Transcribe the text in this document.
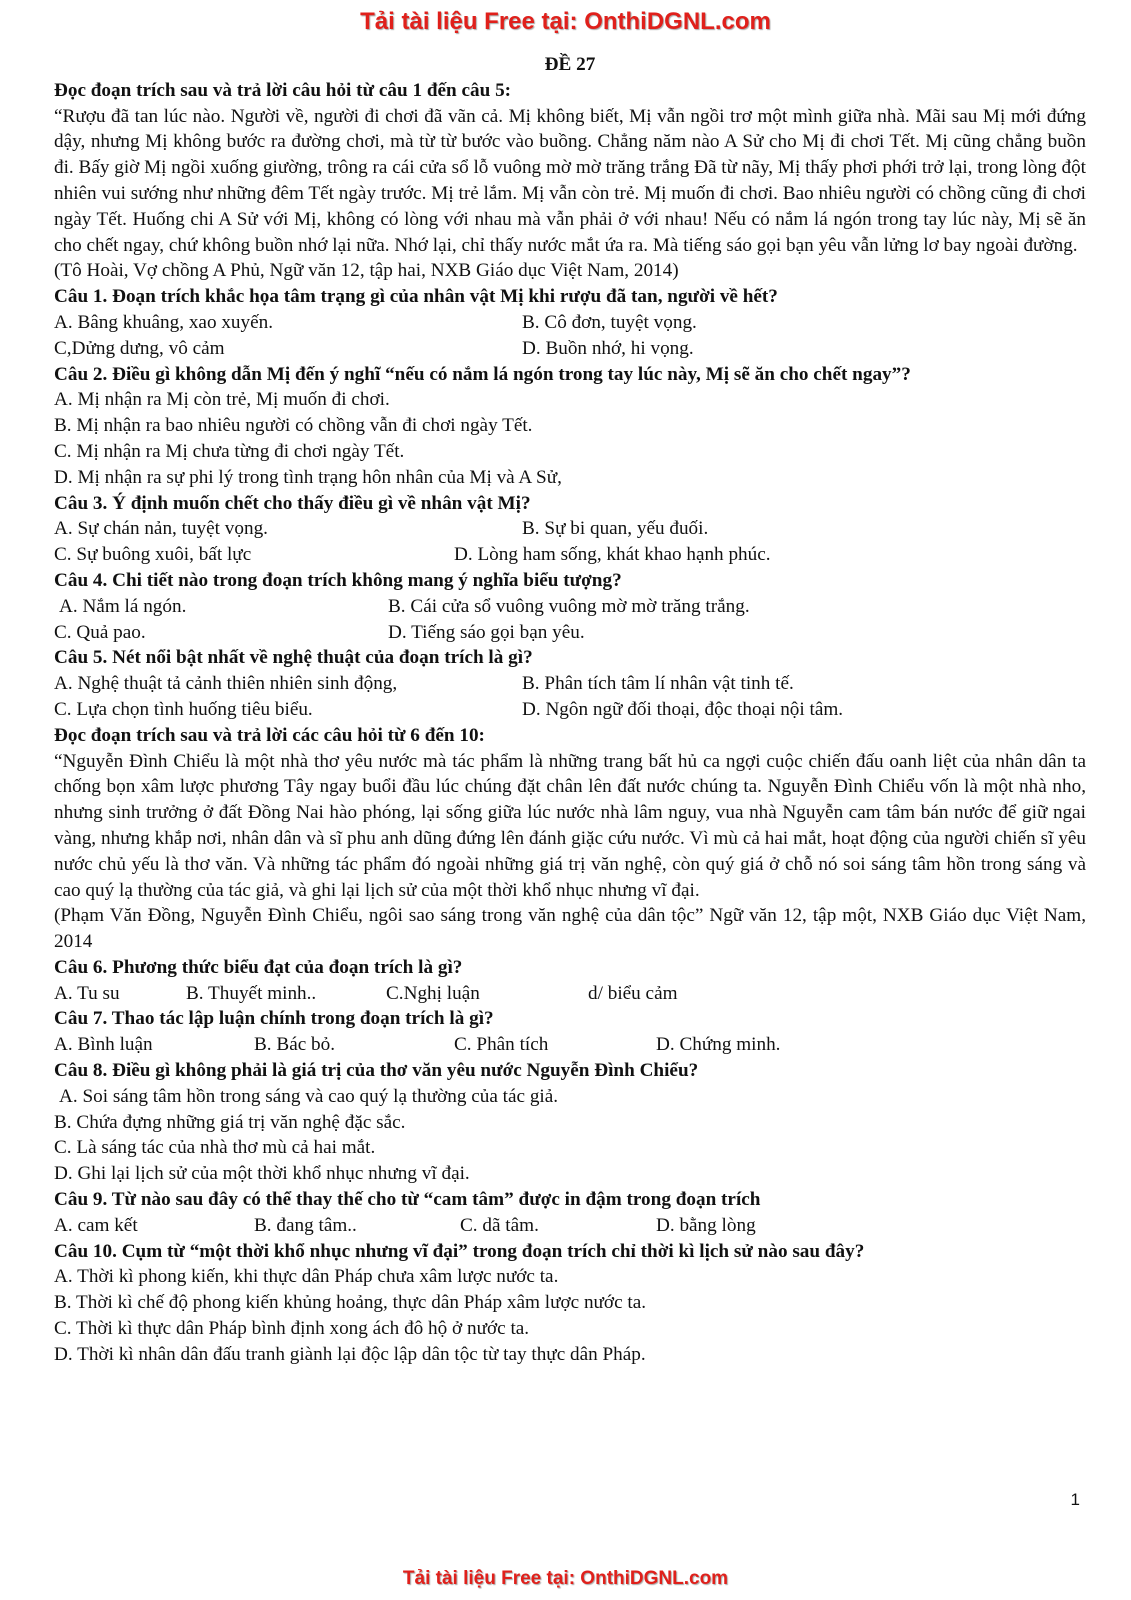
Tải tài liệu Free tại: OnthiDGNL.com
ĐỀ 27
Đọc đoạn trích sau và trả lời câu hỏi từ câu 1 đến câu 5:
“Rượu đã tan lúc nào. Người về, người đi chơi đã vãn cả. Mị không biết, Mị vẫn ngồi trơ một mình giữa nhà. Mãi sau Mị mới đứng dậy, nhưng Mị không bước ra đường chơi, mà từ từ bước vào buồng. Chẳng năm nào A Sử cho Mị đi chơi Tết. Mị cũng chẳng buồn đi. Bấy giờ Mị ngồi xuống giường, trông ra cái cửa sổ lỗ vuông mờ mờ trăng trắng Đã từ nãy, Mị thấy phơi phới trở lại, trong lòng đột nhiên vui sướng như những đêm Tết ngày trước. Mị trẻ lắm. Mị vẫn còn trẻ. Mị muốn đi chơi. Bao nhiêu người có chồng cũng đi chơi ngày Tết. Huống chi A Sử với Mị, không có lòng với nhau mà vẫn phải ở với nhau! Nếu có nắm lá ngón trong tay lúc này, Mị sẽ ăn cho chết ngay, chứ không buồn nhớ lại nữa. Nhớ lại, chỉ thấy nước mắt ứa ra. Mà tiếng sáo gọi bạn yêu vẫn lửng lơ bay ngoài đường.
(Tô Hoài, Vợ chồng A Phủ, Ngữ văn 12, tập hai, NXB Giáo dục Việt Nam, 2014)
Câu 1. Đoạn trích khắc họa tâm trạng gì của nhân vật Mị khi rượu đã tan, người về hết?
A. Bâng khuâng, xao xuyến.	B. Cô đơn, tuyệt vọng.
C,Dửng dưng, vô cảm	D. Buồn nhớ, hi vọng.
Câu 2. Điều gì không dẫn Mị đến ý nghĩ “nếu có nắm lá ngón trong tay lúc này, Mị sẽ ăn cho chết ngay”?
A. Mị nhận ra Mị còn trẻ, Mị muốn đi chơi.
B. Mị nhận ra bao nhiêu người có chồng vẫn đi chơi ngày Tết.
C. Mị nhận ra Mị chưa từng đi chơi ngày Tết.
D. Mị nhận ra sự phi lý trong tình trạng hôn nhân của Mị và A Sử,
Câu 3. Ý định muốn chết cho thấy điều gì về nhân vật Mị?
A. Sự chán nản, tuyệt vọng.	B. Sự bi quan, yếu đuối.
C. Sự buông xuôi, bất lực	D. Lòng ham sống, khát khao hạnh phúc.
Câu 4. Chi tiết nào trong đoạn trích không mang ý nghĩa biểu tượng?
A. Nắm lá ngón.	B. Cái cửa sổ vuông vuông mờ mờ trăng trắng.
C. Quả pao.	D. Tiếng sáo gọi bạn yêu.
Câu 5. Nét nổi bật nhất về nghệ thuật của đoạn trích là gì?
A. Nghệ thuật tả cảnh thiên nhiên sinh động,	B. Phân tích tâm lí nhân vật tinh tế.
C. Lựa chọn tình huống tiêu biểu.	D. Ngôn ngữ đối thoại, độc thoại nội tâm.
Đọc đoạn trích sau và trả lời các câu hỏi từ 6 đến 10:
“Nguyễn Đình Chiểu là một nhà thơ yêu nước mà tác phẩm là những trang bất hủ ca ngợi cuộc chiến đấu oanh liệt của nhân dân ta chống bọn xâm lược phương Tây ngay buổi đầu lúc chúng đặt chân lên đất nước chúng ta. Nguyễn Đình Chiểu vốn là một nhà nho, nhưng sinh trưởng ở đất Đồng Nai hào phóng, lại sống giữa lúc nước nhà lâm nguy, vua nhà Nguyễn cam tâm bán nước để giữ ngai vàng, nhưng khắp nơi, nhân dân và sĩ phu anh dũng đứng lên đánh giặc cứu nước. Vì mù cả hai mắt, hoạt động của người chiến sĩ yêu nước chủ yếu là thơ văn. Và những tác phẩm đó ngoài những giá trị văn nghệ, còn quý giá ở chỗ nó soi sáng tâm hồn trong sáng và cao quý lạ thường của tác giả, và ghi lại lịch sử của một thời khổ nhục nhưng vĩ đại.
(Phạm Văn Đồng, Nguyễn Đình Chiểu, ngôi sao sáng trong văn nghệ của dân tộc” Ngữ văn 12, tập một, NXB Giáo dục Việt Nam, 2014
Câu 6. Phương thức biểu đạt của đoạn trích là gì?
A. Tu su	B. Thuyết minh..	C.Nghị luận	d/ biểu cảm
Câu 7. Thao tác lập luận chính trong đoạn trích là gì?
A. Bình luận	B. Bác bỏ.	C. Phân tích	D. Chứng minh.
Câu 8. Điều gì không phải là giá trị của thơ văn yêu nước Nguyễn Đình Chiểu?
A. Soi sáng tâm hồn trong sáng và cao quý lạ thường của tác giả.
B. Chứa đựng những giá trị văn nghệ đặc sắc.
C. Là sáng tác của nhà thơ mù cả hai mắt.
D. Ghi lại lịch sử của một thời khổ nhục nhưng vĩ đại.
Câu 9. Từ nào sau đây có thể thay thế cho từ “cam tâm” được in đậm trong đoạn trích
A. cam kết	B. đang tâm..	C. dã tâm.	D. bằng lòng
Câu 10. Cụm từ “một thời khổ nhục nhưng vĩ đại” trong đoạn trích chỉ thời kì lịch sử nào sau đây?
A. Thời kì phong kiến, khi thực dân Pháp chưa xâm lược nước ta.
B. Thời kì chế độ phong kiến khủng hoảng, thực dân Pháp xâm lược nước ta.
C. Thời kì thực dân Pháp bình định xong ách đô hộ ở nước ta.
D. Thời kì nhân dân đấu tranh giành lại độc lập dân tộc từ tay thực dân Pháp.
1
Tải tài liệu Free tại: OnthiDGNL.com
